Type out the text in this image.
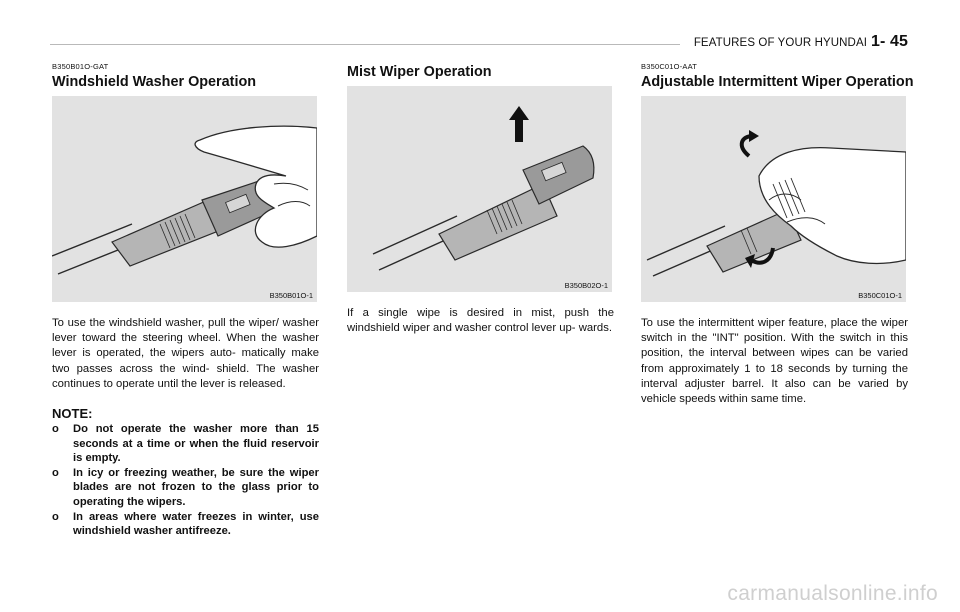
FEATURES OF YOUR HYUNDAI 1- 45
B350B01O-GAT
Windshield Washer Operation
B350B01O-1

To use the windshield washer, pull the wiper/ washer lever toward the steering wheel. When the washer lever is operated, the wipers auto- matically make two passes across the wind- shield. The washer continues to operate until the lever is released.

NOTE:
o Do not operate the washer more than 15 seconds at a time or when the fluid reservoir is empty.
o In icy or freezing weather, be sure the wiper blades are not frozen to the glass prior to operating the wipers.
o In areas where water freezes in winter, use windshield washer antifreeze.
Mist Wiper Operation
B350B02O-1

If a single wipe is desired in mist, push the windshield wiper and washer control lever up- wards.

B350C01O-AAT
Adjustable Intermittent Wiper Operation
B350C01O-1

To use the intermittent wiper feature, place the wiper switch in the "INT" position. With the switch in this position, the interval between wipes can be varied from approximately 1 to 18 seconds by turning the interval adjuster barrel. It also can be varied by vehicle speeds within same time.

carmanualsonline.info
